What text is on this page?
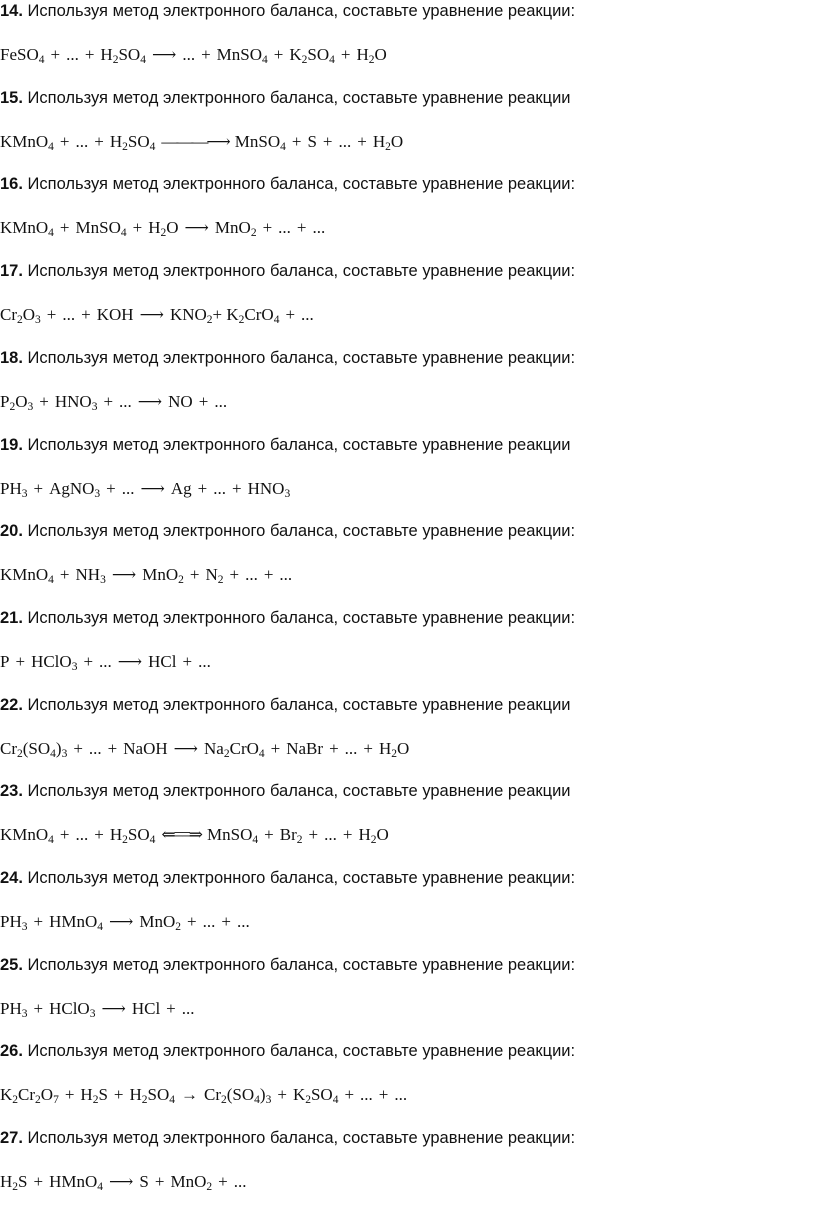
14. Используя метод электронного баланса, составьте уравнение реакции:
FeSO$_4$ + ... + $H_2SO_4$ ⟶ ... + MnSO$_4$ + $K_2SO_4 + H_2O$
15. Используя метод электронного баланса, составьте уравнение реакции
KMnO$_4$ + ... + $H_2SO_4$ ———⟶ MnSO$_4$ + S + ... + $H_2O$
16. Используя метод электронного баланса, составьте уравнение реакции:
KMnO$_4$ + MnSO$_4$ + $H_2O$ ⟶ MnO$_2$ + ... + ...
17. Используя метод электронного баланса, составьте уравнение реакции:
$Cr_2O_3$ + ... + KOH ⟶ $KNO_2+ K_2CrO_4$ + ...
18. Используя метод электронного баланса, составьте уравнение реакции:
$P_2O_3 + HNO_3$ + ... ⟶ NO + ...
19. Используя метод электронного баланса, составьте уравнение реакции
$PH_3$ + AgNO$_3$ + ... ⟶ Ag + ... + $HNO_3$
20. Используя метод электронного баланса, составьте уравнение реакции:
KMnO$_4$ + $NH_3$ ⟶ $MnO_2 + N_2$ + ... + ...
21. Используя метод электронного баланса, составьте уравнение реакции:
P + HClO$_3$ + ... ⟶ HCl + ...
22. Используя метод электронного баланса, составьте уравнение реакции
$Cr_2(SO_4)_3$ + ... + NaOH ⟶ $Na_2CrO_4$ + NaBr + ... + $H_2O$
23. Используя метод электронного баланса, составьте уравнение реакции
KMnO$_4$ + ... + $H_2SO_4$ ⇐==⇒ MnSO$_4$ + $Br_2$ + ... + $H_2O$
24. Используя метод электронного баланса, составьте уравнение реакции:
$PH_3$ + HMnO$_4$ ⟶ MnO$_2$ + ... + ...
25. Используя метод электронного баланса, составьте уравнение реакции:
$PH_3$ + HClO$_3$ ⟶ HCl + ...
26. Используя метод электронного баланса, составьте уравнение реакции:
$K_2Cr_2O_7 + H_2S + H_2SO_4 \to Cr_2(SO_4)_3 + K_2SO_4$ + ... + ...
27. Используя метод электронного баланса, составьте уравнение реакции:
$H_2S$ + HMnO$_4$ ⟶ S + MnO$_2$ + ...
